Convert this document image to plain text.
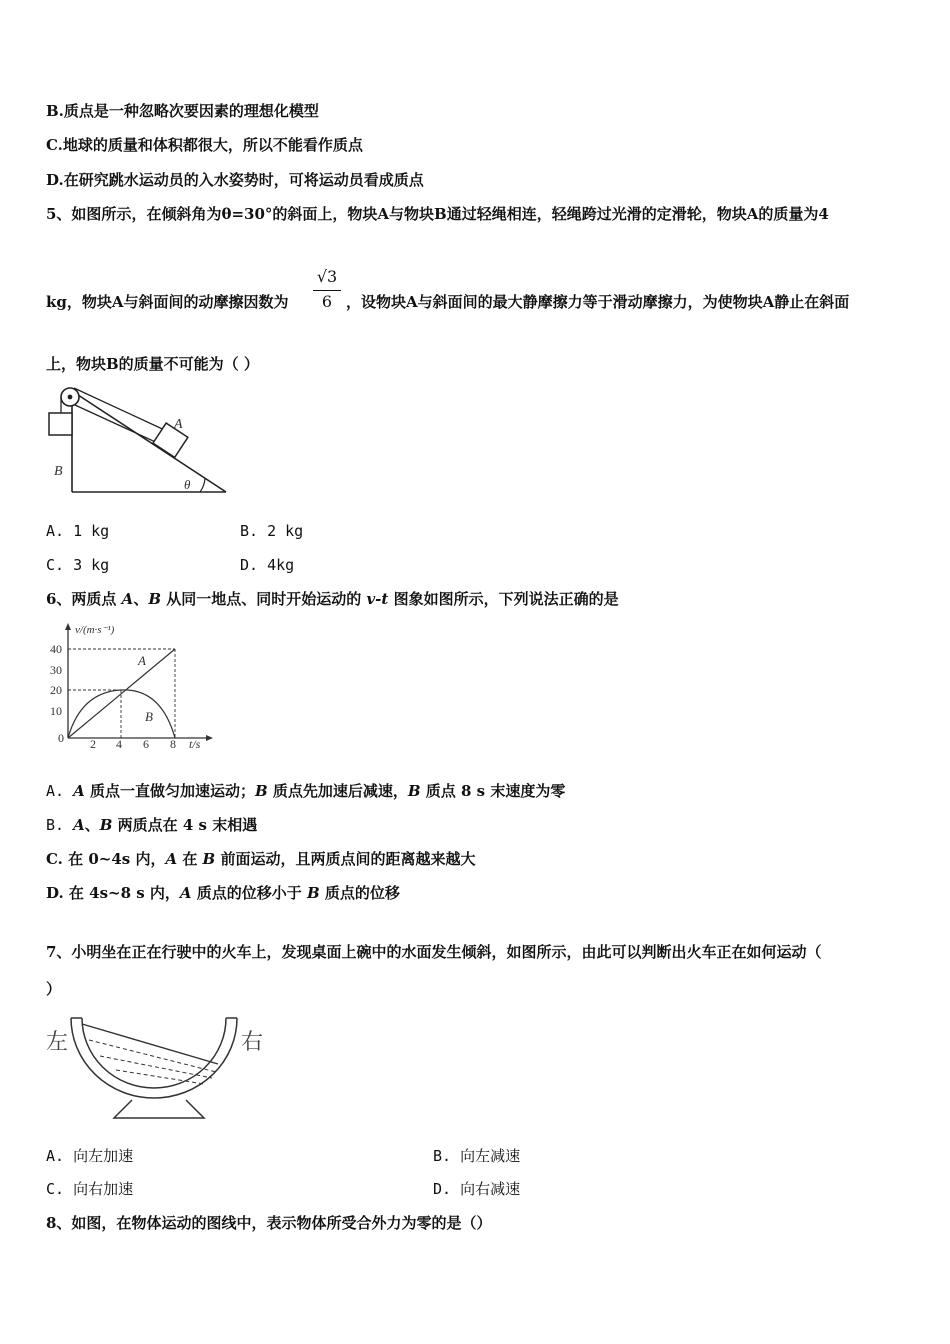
B.质点是一种忽略次要因素的理想化模型
C.地球的质量和体积都很大，所以不能看作质点
D.在研究跳水运动员的入水姿势时，可将运动员看成质点
5、如图所示，在倾斜角为θ=30°的斜面上，物块A与物块B通过轻绳相连，轻绳跨过光滑的定滑轮，物块A的质量为4
kg，物块A与斜面间的动摩擦因数为
√3
6 ，设物块A与斜面间的最大静摩擦力等于滑动摩擦力，为使物块A静止在斜面
上，物块B的质量不可能为（ ）
B
A
θ
A. 1 kg	B. 2 kg
C. 3 kg	D. 4kg
6、两质点 A、B 从同一地点、同时开始运动的 v-t 图象如图所示，下列说法正确的是
v/(m·s⁻¹)
t/s
40
30
20
10
0 2 4 6 8
A
B
A. A 质点一直做匀加速运动；B 质点先加速后减速，B 质点 8 s 末速度为零
B. A、B 两质点在 4 s 末相遇
C. 在 0~4s 内，A 在 B 前面运动，且两质点间的距离越来越大
D. 在 4s~8 s 内，A 质点的位移小于 B 质点的位移
7、小明坐在正在行驶中的火车上，发现桌面上碗中的水面发生倾斜，如图所示，由此可以判断出火车正在如何运动（
）
左	右
A. 向左加速	B. 向左减速
C. 向右加速	D. 向右减速
8、如图，在物体运动的图线中，表示物体所受合外力为零的是（）
